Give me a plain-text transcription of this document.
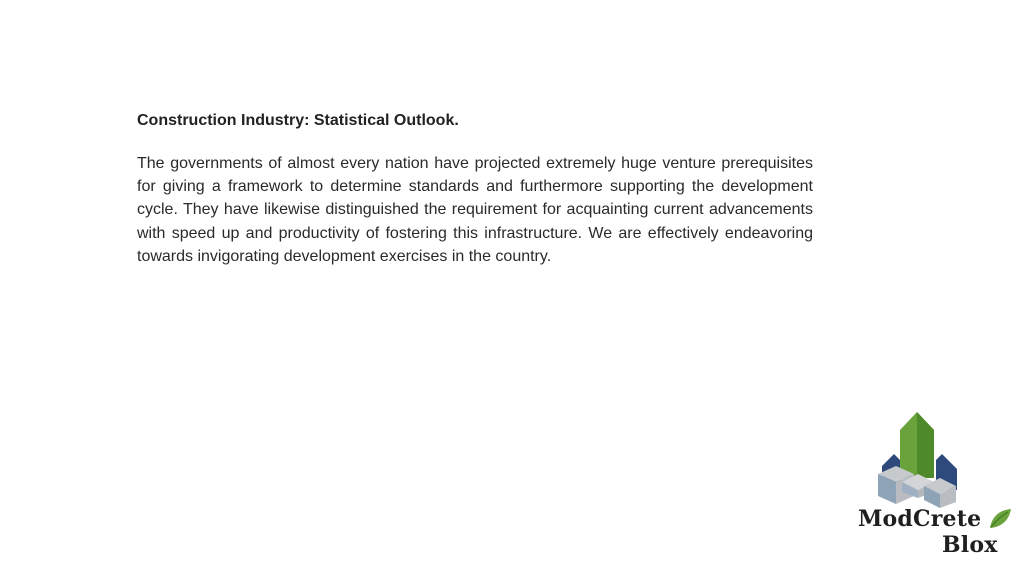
Construction Industry: Statistical Outlook.

The governments of almost every nation have projected extremely huge venture prerequisites for giving a framework to determine standards and furthermore supporting the development cycle. They have likewise distinguished the requirement for acquainting current advancements with speed up and productivity of fostering this infrastructure. We are effectively endeavoring towards invigorating development exercises in the country.

ModCrete
Blox
